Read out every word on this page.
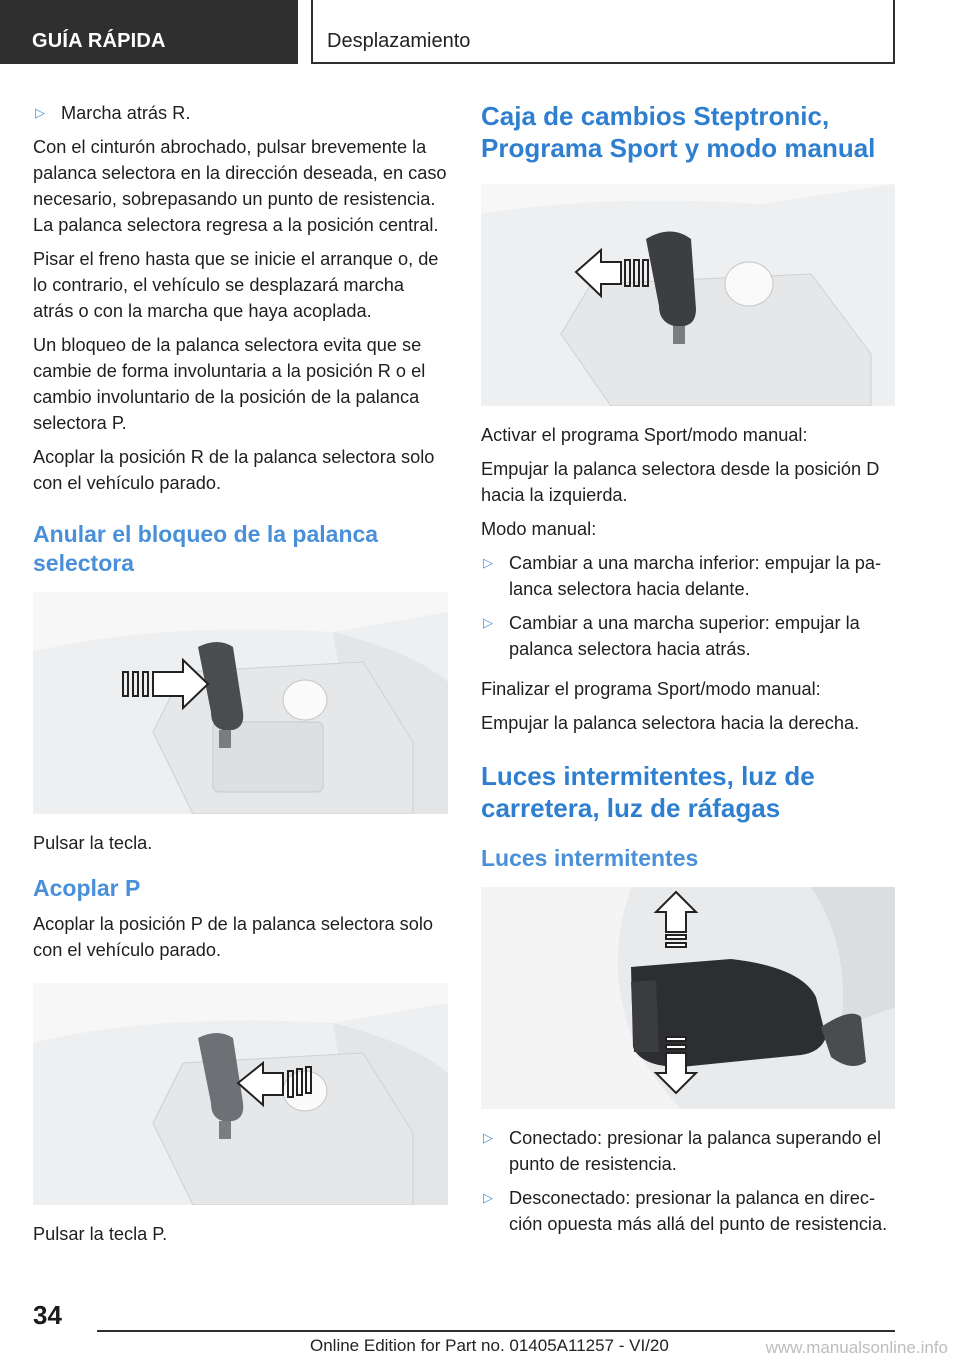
GUÍA RÁPIDA	Desplazamiento
▷ Marcha atrás R.
Con el cinturón abrochado, pulsar brevemente la palanca selectora en la dirección deseada, en caso necesario, sobrepasando un punto de resistencia. La palanca selectora regresa a la posición central.
Pisar el freno hasta que se inicie el arranque o, de lo contrario, el vehículo se desplazará marcha atrás o con la marcha que haya acoplada.
Un bloqueo de la palanca selectora evita que se cambie de forma involuntaria a la posición R o el cambio involuntario de la posición de la palanca selectora P.
Acoplar la posición R de la palanca selectora solo con el vehículo parado.
Anular el bloqueo de la palanca selectora
Pulsar la tecla.
Acoplar P
Acoplar la posición P de la palanca selectora solo con el vehículo parado.
Pulsar la tecla P.
Caja de cambios Steptronic, Programa Sport y modo manual
Activar el programa Sport/modo manual:
Empujar la palanca selectora desde la posición D hacia la izquierda.
Modo manual:
▷ Cambiar a una marcha inferior: empujar la palanca selectora hacia delante.
▷ Cambiar a una marcha superior: empujar la palanca selectora hacia atrás.
Finalizar el programa Sport/modo manual:
Empujar la palanca selectora hacia la derecha.
Luces intermitentes, luz de carretera, luz de ráfagas
Luces intermitentes
▷ Conectado: presionar la palanca superando el punto de resistencia.
▷ Desconectado: presionar la palanca en dirección opuesta más allá del punto de resistencia.
34
Online Edition for Part no. 01405A11257 - VI/20	www.manualsonline.info
